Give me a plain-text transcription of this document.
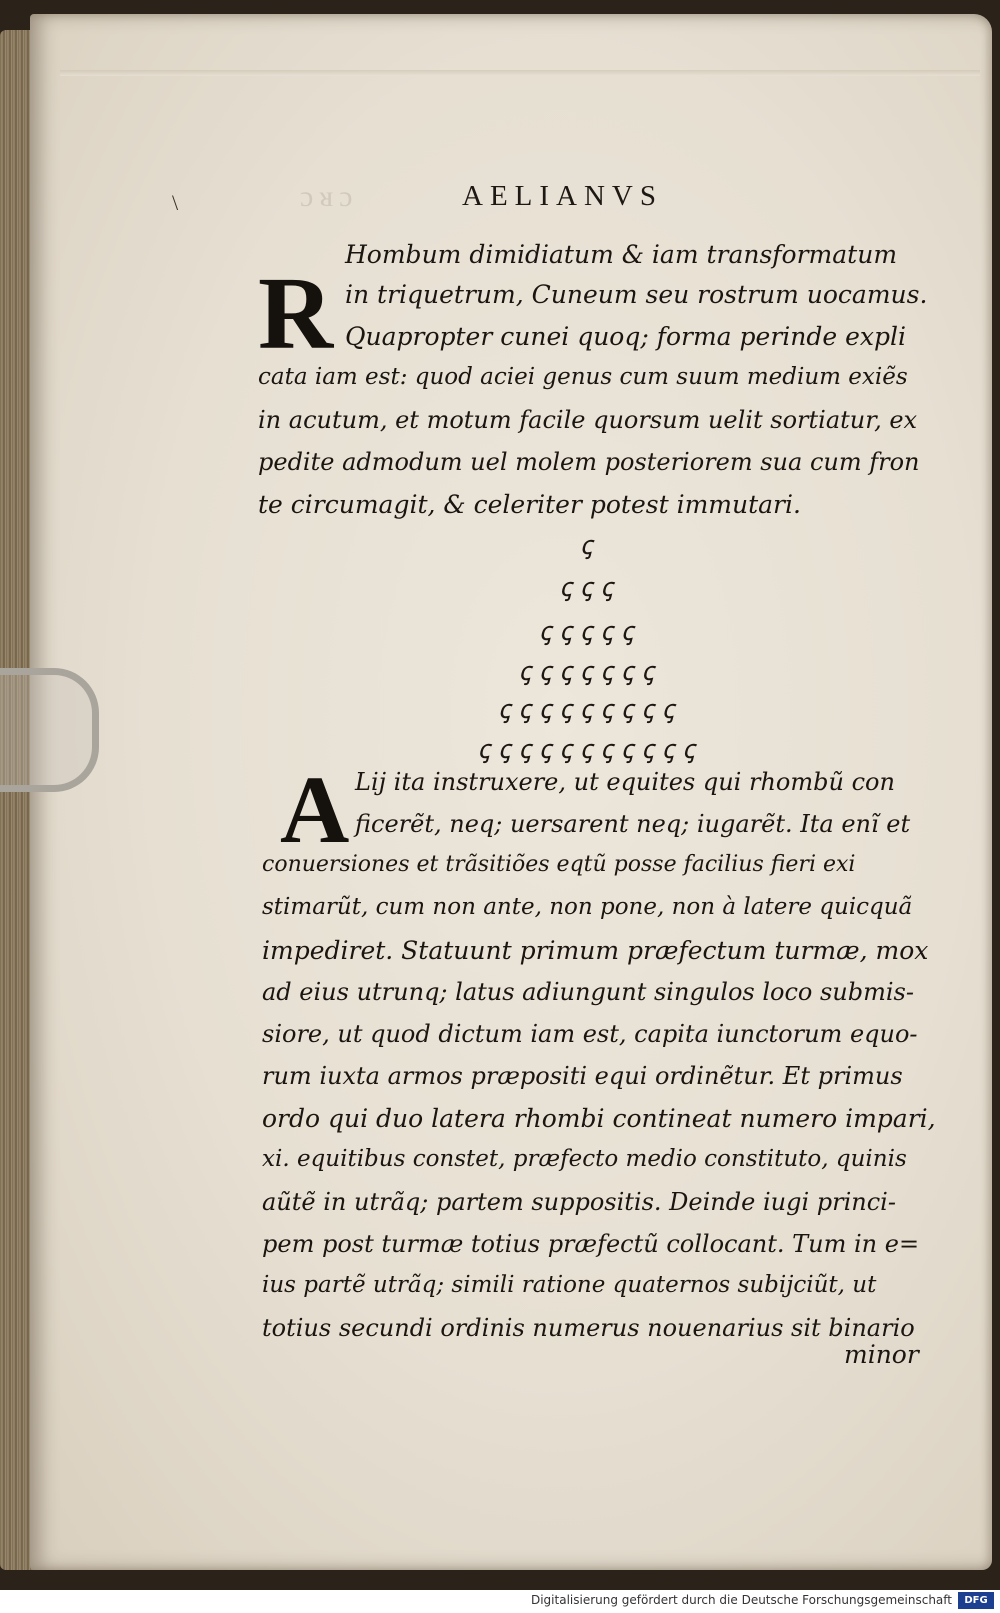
ɔᴚɔ
\	AELIANVS
R
Hombum dimidiatum & iam transformatum
in triquetrum, Cuneum seu rostrum uocamus.
Quapropter cunei quoq; forma perinde expli
cata iam est: quod aciei genus cum suum medium exiẽs
in acutum, et motum facile quorsum uelit sortiatur, ex
pedite admodum uel molem posteriorem sua cum fron
te circumagit, & celeriter potest immutari.
ꞔ
ꞔꞔꞔ
ꞔꞔꞔꞔꞔ
ꞔꞔꞔꞔꞔꞔꞔ
ꞔꞔꞔꞔꞔꞔꞔꞔꞔ
ꞔꞔꞔꞔꞔꞔꞔꞔꞔꞔꞔ
A Lij ita instruxere, ut equites qui rhombũ con
ficerẽt, neq; uersarent neq; iugarẽt. Ita enĩ et
conuersiones et trãsitiões eqtũ posse facilius fieri exi
stimarũt, cum non ante, non pone, non à latere quicquã
impediret. Statuunt primum præfectum turmæ, mox
ad eius utrunq; latus adiungunt singulos loco submis-
siore, ut quod dictum iam est, capita iunctorum equo-
rum iuxta armos præpositi equi ordinẽtur. Et primus
ordo qui duo latera rhombi contineat numero impari,
xi. equitibus constet, præfecto medio constituto, quinis
aũtẽ in utrãq; partem suppositis. Deinde iugi princi-
pem post turmæ totius præfectũ collocant. Tum in e=
ius partẽ utrãq; simili ratione quaternos subijciũt, ut
totius secundi ordinis numerus nouenarius sit binario
minor
Digitalisierung gefördert durch die Deutsche Forschungsgemeinschaft	DFG
